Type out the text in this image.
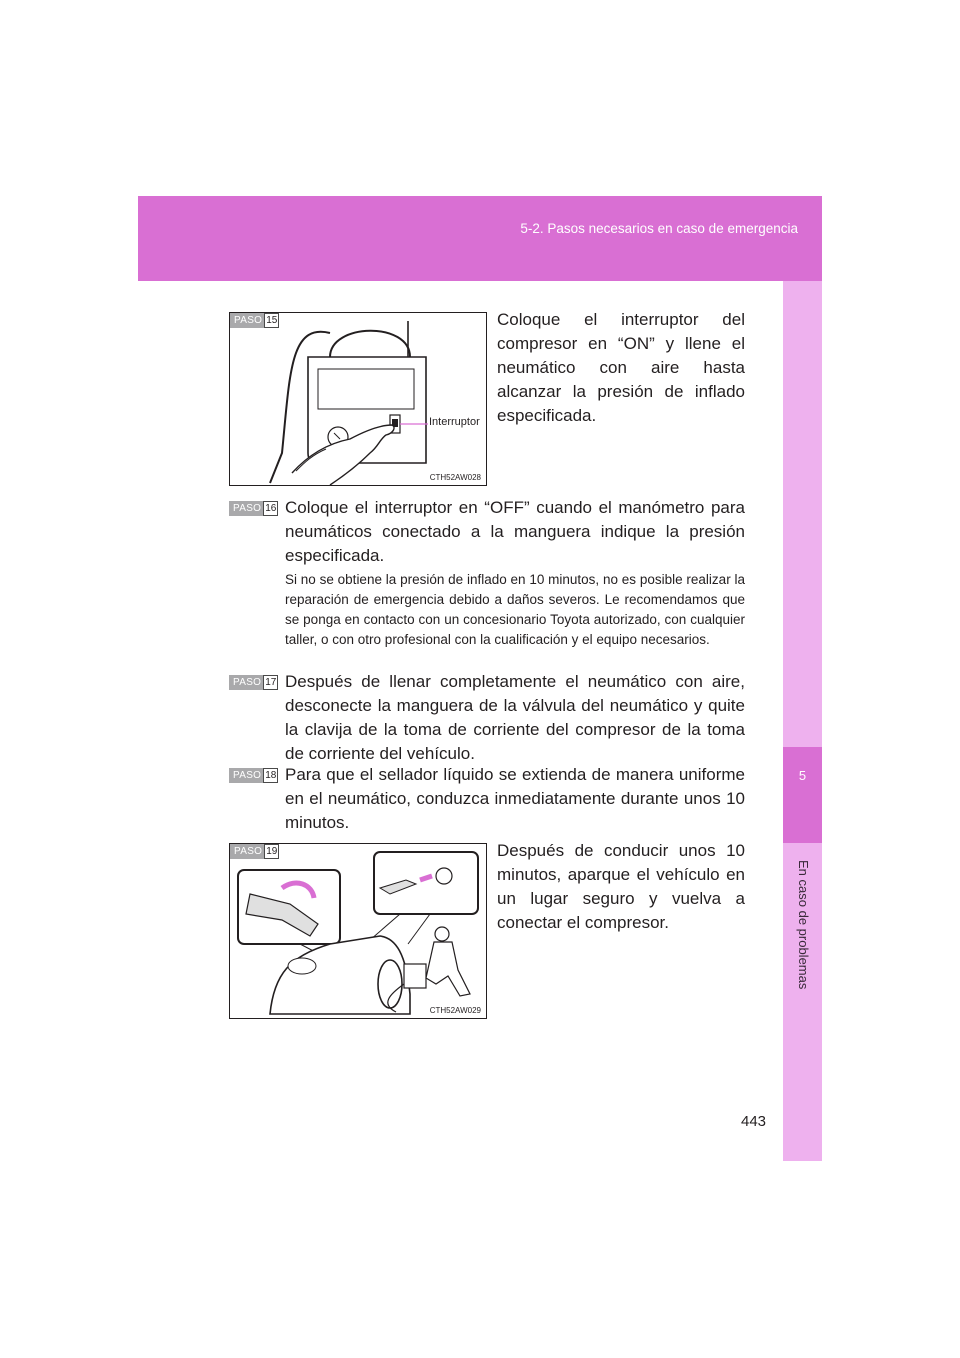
5-2. Pasos necesarios en caso de emergencia
5
En caso de problemas
PASO 15
Interruptor
CTH52AW028
Coloque el interruptor del compresor en “ON” y llene el neumático con aire hasta alcanzar la presión de inflado especificada.
PASO 16 Coloque el interruptor en “OFF” cuando el manómetro para neumáticos conectado a la manguera indique la presión especificada.
Si no se obtiene la presión de inflado en 10 minutos, no es posible realizar la reparación de emergencia debido a daños severos. Le recomendamos que se ponga en contacto con un concesionario Toyota autorizado, con cualquier taller, o con otro profesional con la cualificación y el equipo necesarios.
PASO 17 Después de llenar completamente el neumático con aire, desconecte la manguera de la válvula del neumático y quite la clavija de la toma de corriente del compresor de la toma de corriente del vehículo.
PASO 18 Para que el sellador líquido se extienda de manera uniforme en el neumático, conduzca inmediatamente durante unos 10 minutos.
PASO 19
CTH52AW029
Después de conducir unos 10 minutos, aparque el vehículo en un lugar seguro y vuelva a conectar el compresor.
443
